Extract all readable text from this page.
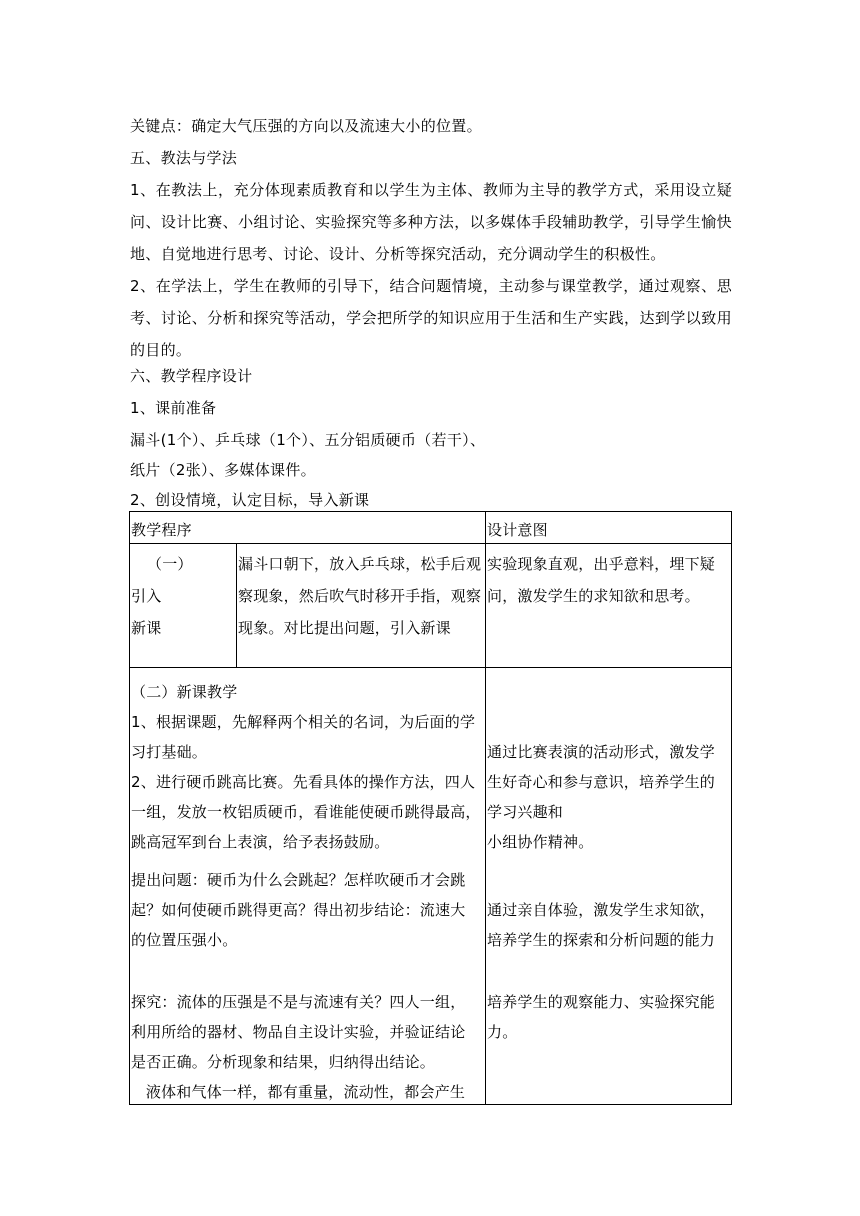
关键点：确定大气压强的方向以及流速大小的位置。
五、教法与学法
1、在教法上，充分体现素质教育和以学生为主体、教师为主导的教学方式，采用设立疑问、设计比赛、小组讨论、实验探究等多种方法，以多媒体手段辅助教学，引导学生愉快地、自觉地进行思考、讨论、设计、分析等探究活动，充分调动学生的积极性。
2、在学法上，学生在教师的引导下，结合问题情境，主动参与课堂教学，通过观察、思考、讨论、分析和探究等活动，学会把所学的知识应用于生活和生产实践，达到学以致用的目的。
六、教学程序设计
1、课前准备
漏斗(1个）、乒乓球（1个）、五分铝质硬币（若干）、
纸片（2张）、多媒体课件。
2、创设情境，认定目标，导入新课
教学程序	设计意图
（一）
引入
新课
漏斗口朝下，放入乒乓球，松手后观
察现象，然后吹气时移开手指，观察
现象。对比提出问题，引入新课
实验现象直观，出乎意料，埋下疑
问，激发学生的求知欲和思考。
（二）新课教学
1、根据课题，先解释两个相关的名词，为后面的学
习打基础。
2、进行硬币跳高比赛。先看具体的操作方法，四人
一组，发放一枚铝质硬币，看谁能使硬币跳得最高，
跳高冠军到台上表演，给予表扬鼓励。
提出问题：硬币为什么会跳起？怎样吹硬币才会跳
起？如何使硬币跳得更高？得出初步结论：流速大
的位置压强小。
探究：流体的压强是不是与流速有关？四人一组，
利用所给的器材、物品自主设计实验，并验证结论
是否正确。分析现象和结果，归纳得出结论。
液体和气体一样，都有重量，流动性，都会产生
通过比赛表演的活动形式，激发学
生好奇心和参与意识，培养学生的
学习兴趣和
小组协作精神。
通过亲自体验，激发学生求知欲，
培养学生的探索和分析问题的能力
培养学生的观察能力、实验探究能
力。
